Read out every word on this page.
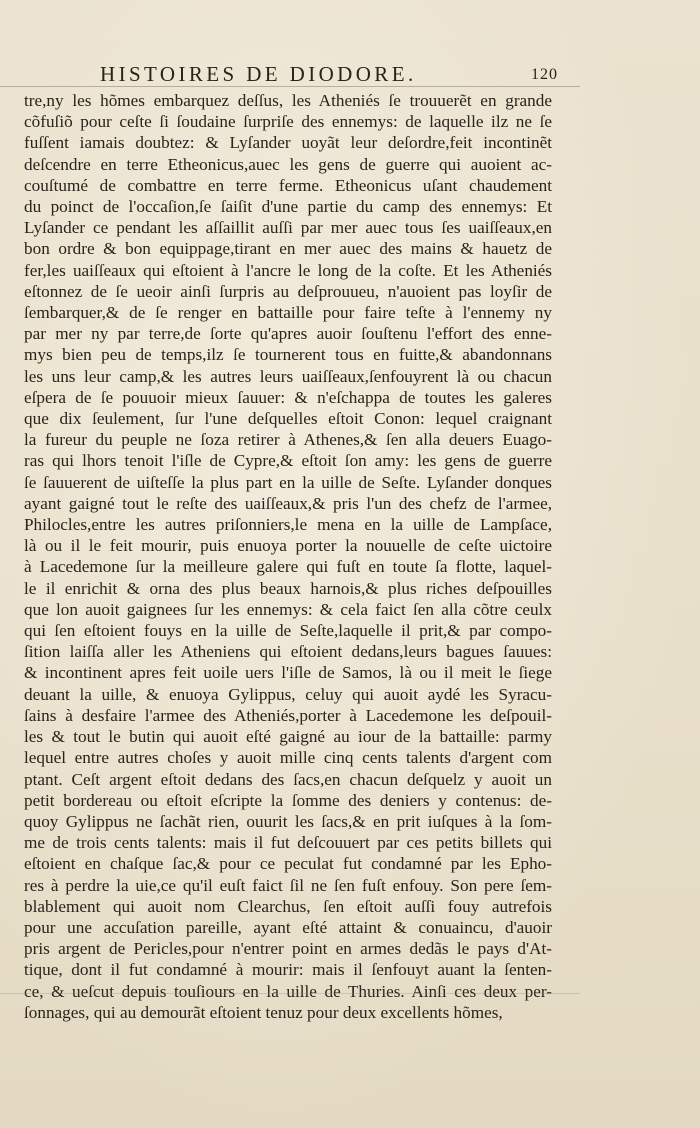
HISTOIRES DE DIODORE.	120
tre,ny les hõmes embarquez deſſus, les Atheniés ſe trouuerẽt en grande
cõfuſiõ pour ceſte ſi ſoudaine ſurpriſe des ennemys: de laquelle ilz ne ſe
fuſſent iamais doubtez: & Lyſander uoyãt leur deſordre,feit incontinẽt
deſcendre en terre Etheonicus,auec les gens de guerre qui auoient ac-
couſtumé de combattre en terre ferme. Etheonicus uſant chaudement
du poinct de l'occaſion,ſe ſaiſit d'une partie du camp des ennemys: Et
Lyſander ce pendant les aſſaillit auſſi par mer auec tous ſes uaiſſeaux,en
bon ordre & bon equippage,tirant en mer auec des mains & hauetz de
fer,les uaiſſeaux qui eſtoient à l'ancre le long de la coſte. Et les Atheniés
eſtonnez de ſe ueoir ainſi ſurpris au deſprouueu, n'auoient pas loyſir de
ſembarquer,& de ſe renger en battaille pour faire teſte à l'ennemy ny
par mer ny par terre,de ſorte qu'apres auoir ſouſtenu l'effort des enne-
mys bien peu de temps,ilz ſe tournerent tous en fuitte,& abandonnans
les uns leur camp,& les autres leurs uaiſſeaux,ſenfouyrent là ou chacun
eſpera de ſe pouuoir mieux ſauuer: & n'eſchappa de toutes les galeres
que dix ſeulement, ſur l'une deſquelles eſtoit Conon: lequel craignant
la fureur du peuple ne ſoza retirer à Athenes,& ſen alla deuers Euago-
ras qui lhors tenoit l'iſle de Cypre,& eſtoit ſon amy: les gens de guerre
ſe ſauuerent de uiſteſſe la plus part en la uille de Seſte. Lyſander donques
ayant gaigné tout le reſte des uaiſſeaux,& pris l'un des chefz de l'armee,
Philocles,entre les autres priſonniers,le mena en la uille de Lampſace,
là ou il le feit mourir, puis enuoya porter la nouuelle de ceſte uictoire
à Lacedemone ſur la meilleure galere qui fuſt en toute ſa flotte, laquel-
le il enrichit & orna des plus beaux harnois,& plus riches deſpouilles
que lon auoit gaignees ſur les ennemys: & cela faict ſen alla cõtre ceulx
qui ſen eſtoient fouys en la uille de Seſte,laquelle il prit,& par compo-
ſition laiſſa aller les Atheniens qui eſtoient dedans,leurs bagues ſauues:
& incontinent apres feit uoile uers l'iſle de Samos, là ou il meit le ſiege
deuant la uille, & enuoya Gylippus, celuy qui auoit aydé les Syracu-
ſains à desfaire l'armee des Atheniés,porter à Lacedemone les deſpouil-
les & tout le butin qui auoit eſté gaigné au iour de la battaille: parmy
lequel entre autres choſes y auoit mille cinq cents talents d'argent com
ptant. Ceſt argent eſtoit dedans des ſacs,en chacun deſquelz y auoit un
petit bordereau ou eſtoit eſcripte la ſomme des deniers y contenus: de-
quoy Gylippus ne ſachãt rien, ouurit les ſacs,& en prit iuſques à la ſom-
me de trois cents talents: mais il fut deſcouuert par ces petits billets qui
eſtoient en chaſque ſac,& pour ce peculat fut condamné par les Epho-
res à perdre la uie,ce qu'il euſt faict ſil ne ſen fuſt enfouy. Son pere ſem-
blablement qui auoit nom Clearchus, ſen eſtoit auſſi fouy autrefois
pour une accuſation pareille, ayant eſté attaint & conuaincu, d'auoir
pris argent de Pericles,pour n'entrer point en armes dedãs le pays d'At-
tique, dont il fut condamné à mourir: mais il ſenfouyt auant la ſenten-
ce, & ueſcut depuis touſiours en la uille de Thuries. Ainſi ces deux per-
ſonnages, qui au demourãt eſtoient tenuz pour deux excellents hõmes,
